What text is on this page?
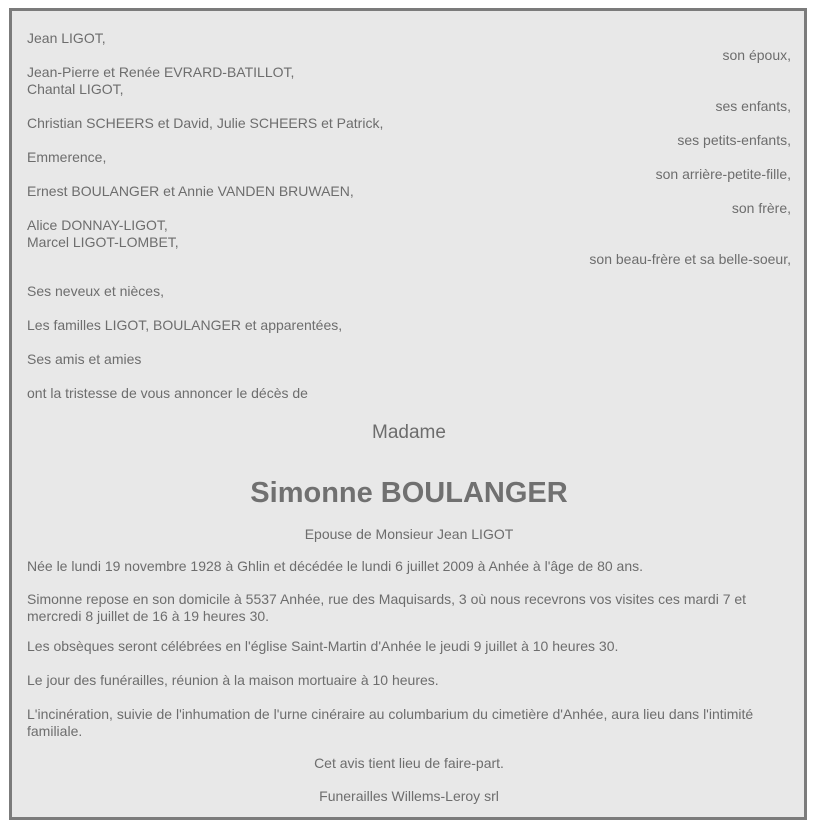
Jean LIGOT,
son époux,
Jean-Pierre et Renée EVRARD-BATILLOT,
Chantal LIGOT,
ses enfants,
Christian SCHEERS et David, Julie SCHEERS et Patrick,
ses petits-enfants,
Emmerence,
son arrière-petite-fille,
Ernest BOULANGER et Annie VANDEN BRUWAEN,
son frère,
Alice DONNAY-LIGOT,
Marcel LIGOT-LOMBET,
son beau-frère et sa belle-soeur,
Ses neveux et nièces,
Les familles LIGOT, BOULANGER et apparentées,
Ses amis et amies
ont la tristesse de vous annoncer le décès de
Madame
Simonne BOULANGER
Epouse de Monsieur Jean LIGOT
Née le lundi 19 novembre 1928 à Ghlin et décédée le lundi 6 juillet 2009 à Anhée à l'âge de 80 ans.
Simonne repose en son domicile à 5537 Anhée, rue des Maquisards, 3 où nous recevrons vos visites ces mardi 7 et mercredi 8 juillet de 16 à 19 heures 30.
Les obsèques seront célébrées en l'église Saint-Martin d'Anhée le jeudi 9 juillet à 10 heures 30.
Le jour des funérailles, réunion à la maison mortuaire à 10 heures.
L'incinération, suivie de l'inhumation de l'urne cinéraire au columbarium du cimetière d'Anhée, aura lieu dans l'intimité familiale.
Cet avis tient lieu de faire-part.
Funerailles Willems-Leroy srl
